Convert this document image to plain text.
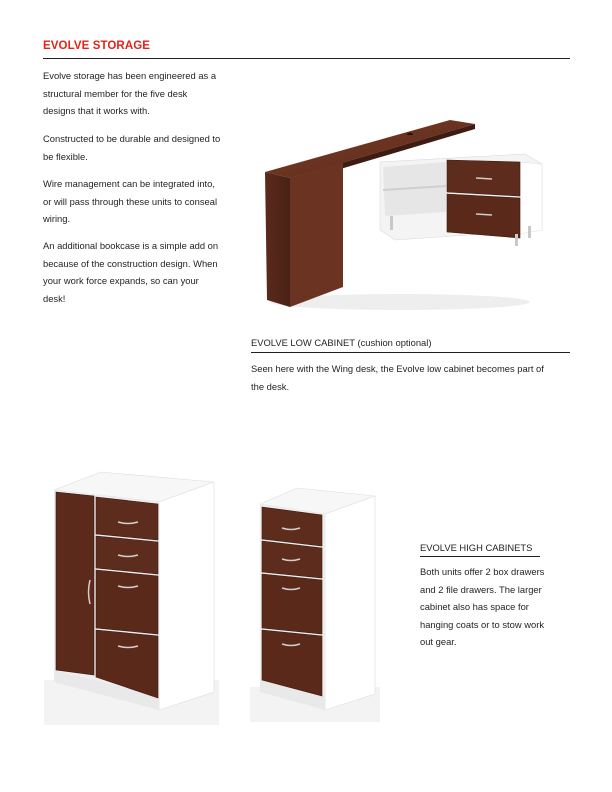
EVOLVE STORAGE
Evolve storage has been engineered as a structural member for the five desk designs that it works with.
Constructed to be durable and designed to be flexible.
Wire management can be integrated into, or will pass through these units to conseal wiring.
An additional bookcase is a simple add on because of the construction design. When your work force expands, so can your desk!
EVOLVE LOW CABINET (cushion optional)
Seen here with the Wing desk, the Evolve low cabinet becomes part of the desk.
EVOLVE HIGH CABINETS
Both units offer 2 box drawers and 2 file drawers. The larger cabinet also has space for hanging coats or to stow work out gear.
